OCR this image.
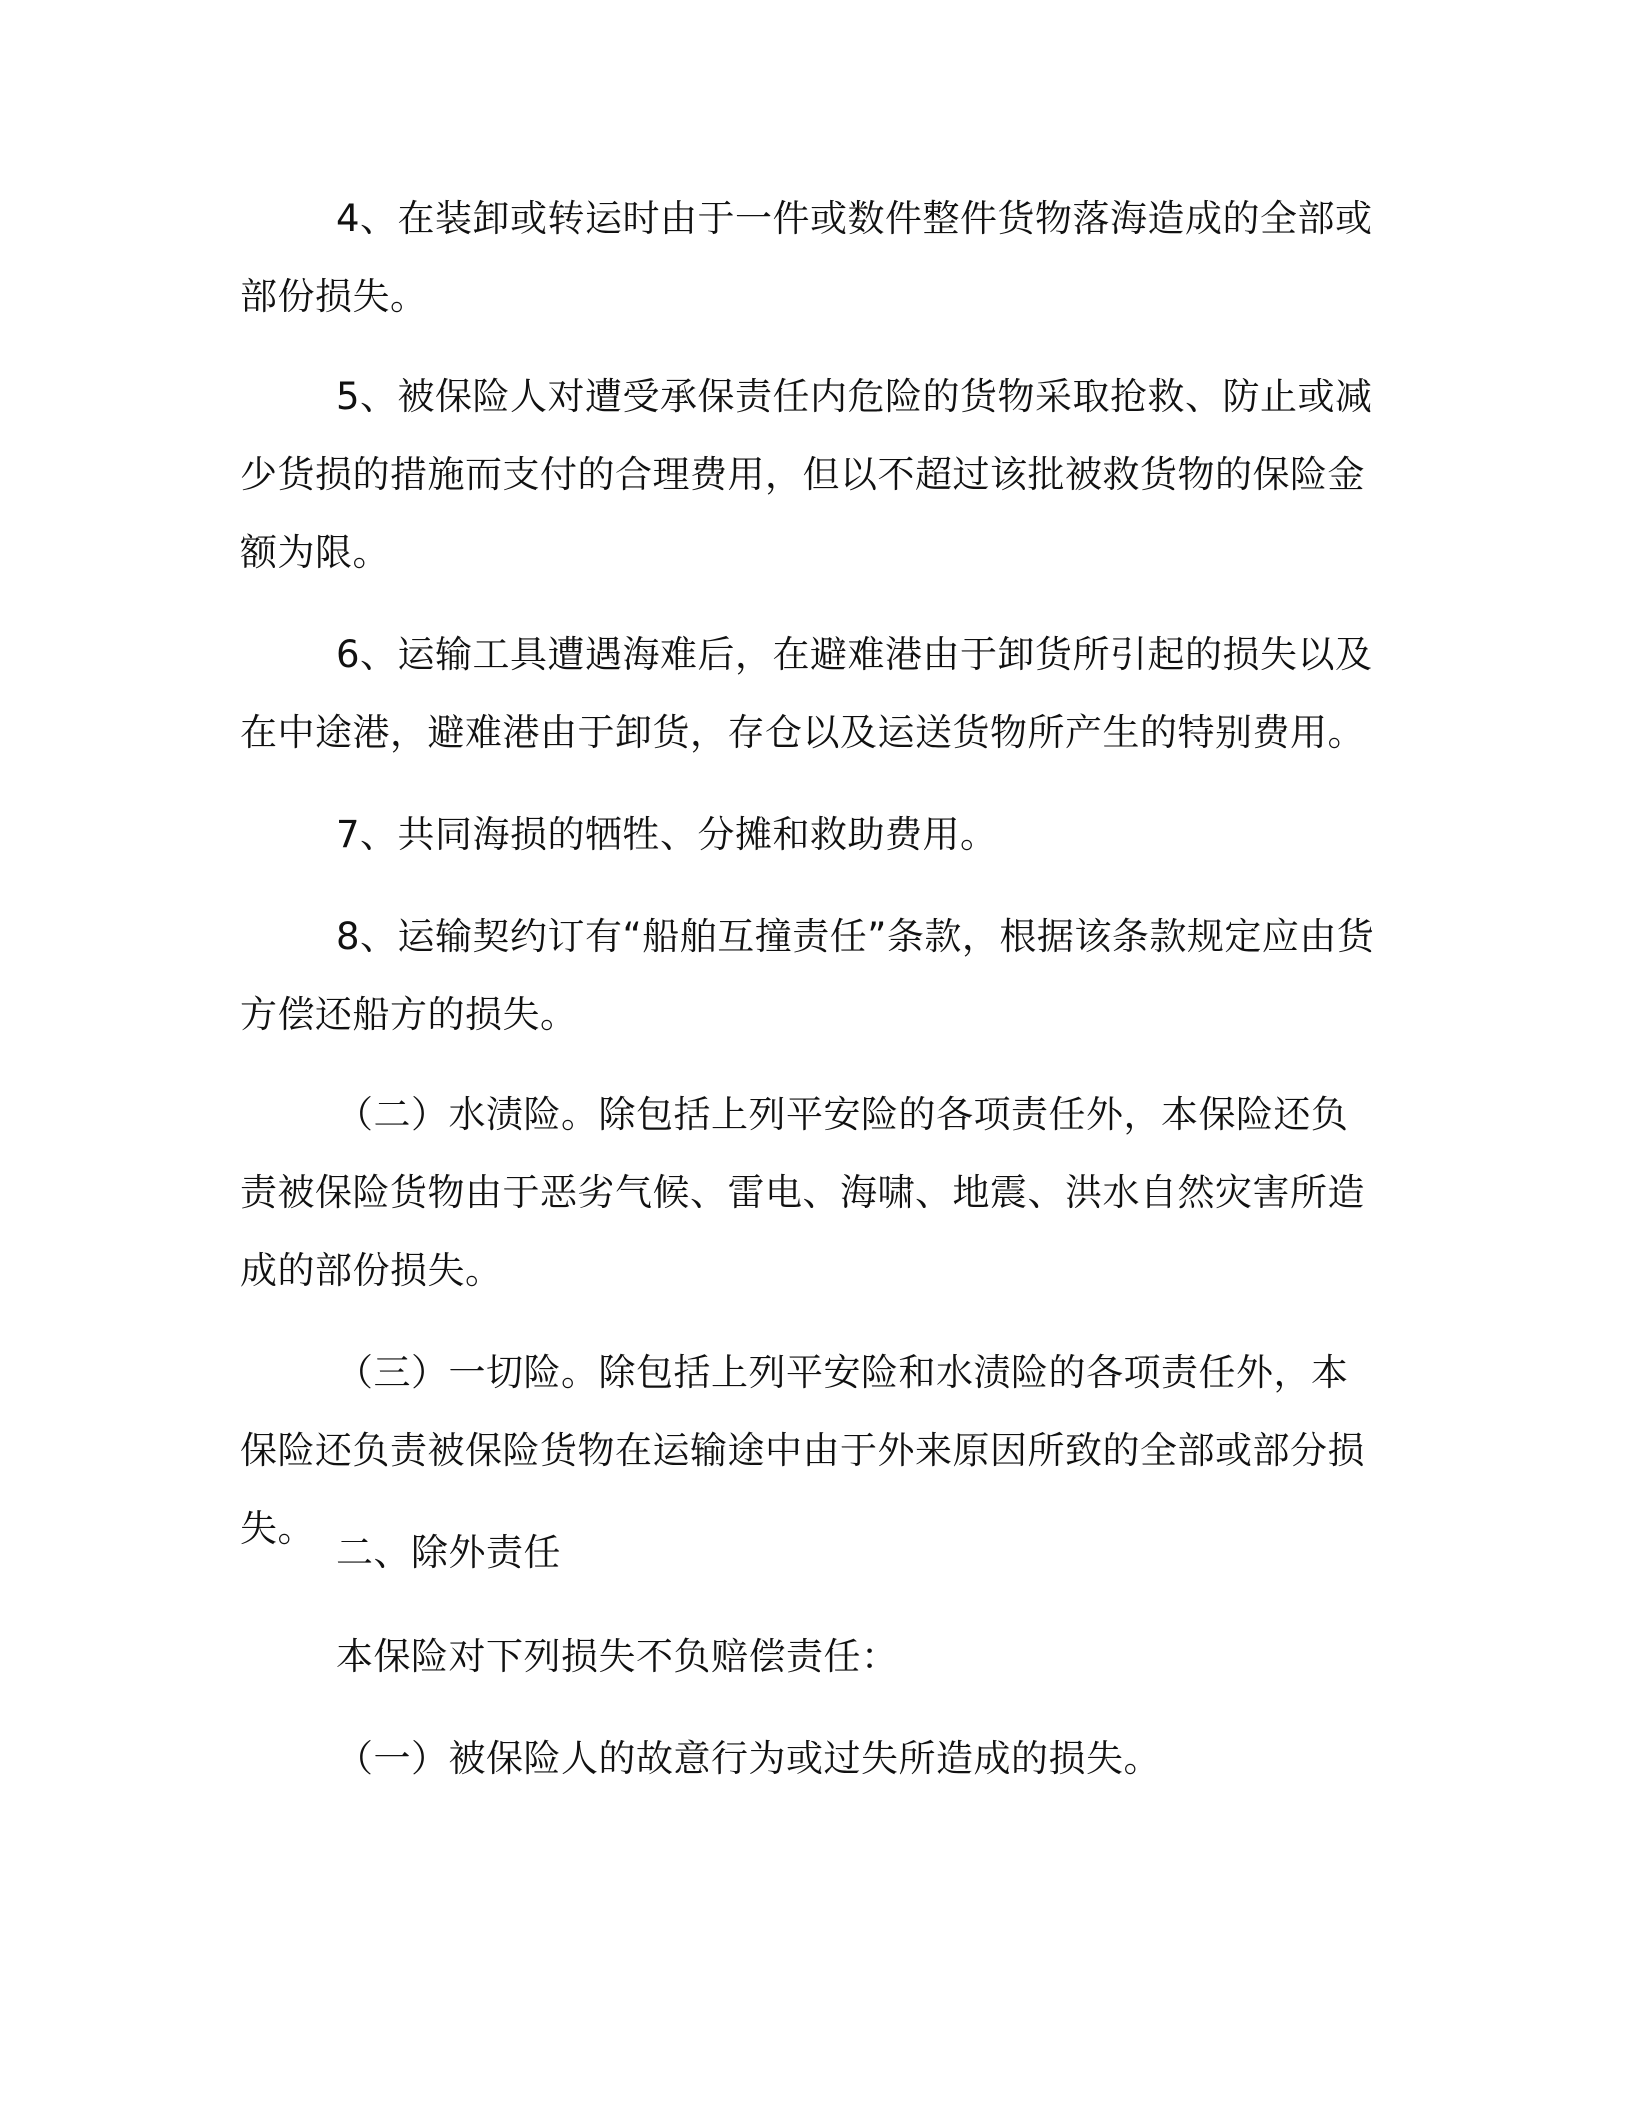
4、在装卸或转运时由于一件或数件整件货物落海造成的全部或部份损失。

5、被保险人对遭受承保责任内危险的货物采取抢救、防止或减少货损的措施而支付的合理费用，但以不超过该批被救货物的保险金额为限。

6、运输工具遭遇海难后，在避难港由于卸货所引起的损失以及在中途港，避难港由于卸货，存仓以及运送货物所产生的特别费用。

7、共同海损的牺牲、分摊和救助费用。

8、运输契约订有“船舶互撞责任”条款，根据该条款规定应由货方偿还船方的损失。

（二）水渍险。除包括上列平安险的各项责任外，本保险还负责被保险货物由于恶劣气候、雷电、海啸、地震、洪水自然灾害所造成的部份损失。

（三）一切险。除包括上列平安险和水渍险的各项责任外，本保险还负责被保险货物在运输途中由于外来原因所致的全部或部分损失。

二、除外责任

本保险对下列损失不负赔偿责任：

（一）被保险人的故意行为或过失所造成的损失。
